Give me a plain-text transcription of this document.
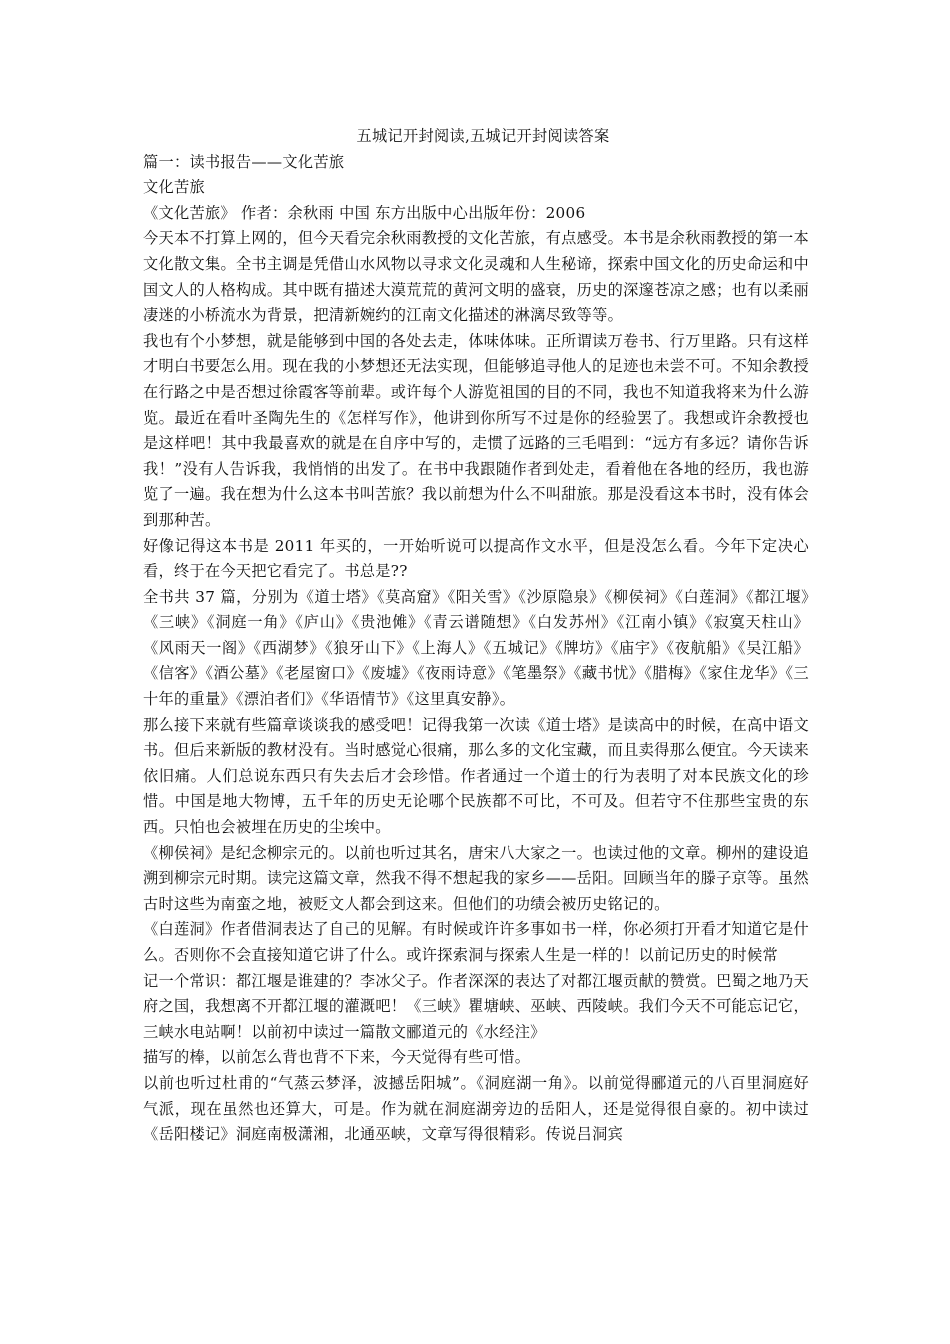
五城记开封阅读,五城记开封阅读答案

篇一：读书报告——文化苦旅

文化苦旅

《文化苦旅》 作者：余秋雨 中国 东方出版中心出版年份：2006

今天本不打算上网的，但今天看完余秋雨教授的文化苦旅，有点感受。本书是余秋雨教授的第一本文化散文集。全书主调是凭借山水风物以寻求文化灵魂和人生秘谛，探索中国文化的历史命运和中国文人的人格构成。其中既有描述大漠荒荒的黄河文明的盛衰，历史的深邃苍凉之感；也有以柔丽凄迷的小桥流水为背景，把清新婉约的江南文化描述的淋漓尽致等等。

我也有个小梦想，就是能够到中国的各处去走，体味体味。正所谓读万卷书、行万里路。只有这样才明白书要怎么用。现在我的小梦想还无法实现，但能够追寻他人的足迹也未尝不可。不知余教授在行路之中是否想过徐霞客等前辈。或许每个人游览祖国的目的不同，我也不知道我将来为什么游览。最近在看叶圣陶先生的《怎样写作》，他讲到你所写不过是你的经验罢了。我想或许余教授也是这样吧！其中我最喜欢的就是在自序中写的，走惯了远路的三毛唱到：“远方有多远？请你告诉我！”没有人告诉我，我悄悄的出发了。在书中我跟随作者到处走，看着他在各地的经历，我也游览了一遍。我在想为什么这本书叫苦旅？我以前想为什么不叫甜旅。那是没看这本书时，没有体会到那种苦。

好像记得这本书是 2011 年买的，一开始听说可以提高作文水平，但是没怎么看。今年下定决心看，终于在今天把它看完了。书总是??

全书共 37 篇，分别为《道士塔》《莫高窟》《阳关雪》《沙原隐泉》《柳侯祠》《白莲洞》《都江堰》《三峡》《洞庭一角》《庐山》《贵池傩》《青云谱随想》《白发苏州》《江南小镇》《寂寞天柱山》《风雨天一阁》《西湖梦》《狼牙山下》《上海人》《五城记》《牌坊》《庙宇》《夜航船》《吴江船》《信客》《酒公墓》《老屋窗口》《废墟》《夜雨诗意》《笔墨祭》《藏书忧》《腊梅》《家住龙华》《三十年的重量》《漂泊者们》《华语情节》《这里真安静》。

那么接下来就有些篇章谈谈我的感受吧！记得我第一次读《道士塔》是读高中的时候，在高中语文书。但后来新版的教材没有。当时感觉心很痛，那么多的文化宝藏，而且卖得那么便宜。今天读来依旧痛。人们总说东西只有失去后才会珍惜。作者通过一个道士的行为表明了对本民族文化的珍惜。中国是地大物博，五千年的历史无论哪个民族都不可比，不可及。但若守不住那些宝贵的东西。只怕也会被埋在历史的尘埃中。

《柳侯祠》是纪念柳宗元的。以前也听过其名，唐宋八大家之一。也读过他的文章。柳州的建设追溯到柳宗元时期。读完这篇文章，然我不得不想起我的家乡——岳阳。回顾当年的滕子京等。虽然古时这些为南蛮之地，被贬文人都会到这来。但他们的功绩会被历史铭记的。

《白莲洞》作者借洞表达了自己的见解。有时候或许许多事如书一样，你必须打开看才知道它是什么。否则你不会直接知道它讲了什么。或许探索洞与探索人生是一样的！以前记历史的时候常

记一个常识：都江堰是谁建的？李冰父子。作者深深的表达了对都江堰贡献的赞赏。巴蜀之地乃天府之国，我想离不开都江堰的灌溉吧！《三峡》瞿塘峡、巫峡、西陵峡。我们今天不可能忘记它，三峡水电站啊！以前初中读过一篇散文郦道元的《水经注》

描写的棒，以前怎么背也背不下来，今天觉得有些可惜。

以前也听过杜甫的“气蒸云梦泽，波撼岳阳城”。《洞庭湖一角》。以前觉得郦道元的八百里洞庭好气派，现在虽然也还算大，可是。作为就在洞庭湖旁边的岳阳人，还是觉得很自豪的。初中读过《岳阳楼记》洞庭南极潇湘，北通巫峡，文章写得很精彩。传说吕洞宾
